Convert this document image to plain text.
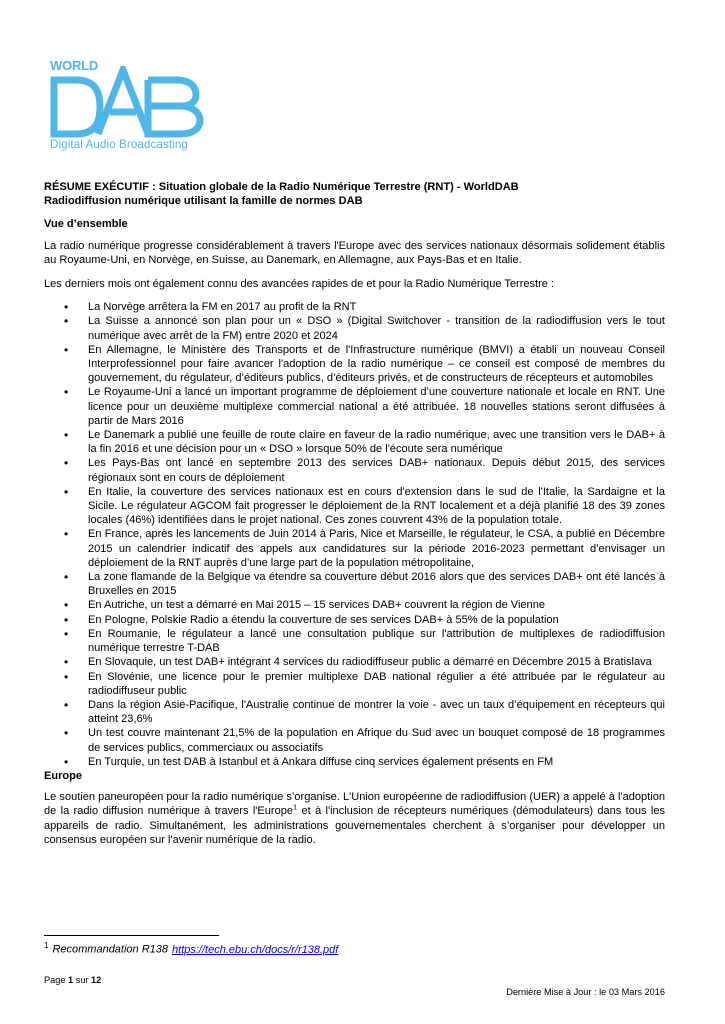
WORLD
Digital Audio Broadcasting

RÉSUME EXÉCUTIF : Situation globale de la Radio Numérique Terrestre (RNT) - WorldDAB

Radiodiffusion numérique utilisant la famille de normes DAB

Vue d’ensemble

La radio numérique progresse considérablement à travers l'Europe avec des services nationaux désormais solidement établis au Royaume-Uni, en Norvège, en Suisse, au Danemark, en Allemagne, aux Pays-Bas et en Italie.

Les derniers mois ont également connu des avancées rapides de et pour la Radio Numérique Terrestre :

• La Norvège arrêtera la FM en 2017 au profit de la RNT
• La Suisse a annoncé son plan pour un « DSO » (Digital Switchover - transition de la radiodiffusion vers le tout numérique avec arrêt de la FM) entre 2020 et 2024
• En Allemagne, le Ministère des Transports et de l'Infrastructure numérique (BMVI) a établi un nouveau Conseil Interprofessionnel pour faire avancer l'adoption de la radio numérique – ce conseil est composé de membres du gouvernement, du régulateur, d’éditeurs publics, d’éditeurs privés, et de constructeurs de récepteurs et automobiles
• Le Royaume-Uni a lancé un important programme de déploiement d’une couverture nationale et locale en RNT. Une licence pour un deuxième multiplexe commercial national a été attribuée. 18 nouvelles stations seront diffusées à partir de Mars 2016
• Le Danemark a publié une feuille de route claire en faveur de la radio numérique, avec une transition vers le DAB+ à la fin 2016 et une décision pour un « DSO » lorsque 50% de l'écoute sera numérique
• Les Pays-Bas ont lancé en septembre 2013 des services DAB+ nationaux. Depuis début 2015, des services régionaux sont en cours de déploiement
• En Italie, la couverture des services nationaux est en cours d'extension dans le sud de l'Italie, la Sardaigne et la Sicile. Le régulateur AGCOM fait progresser le déploiement de la RNT localement et a déjà planifié 18 des 39 zones locales (46%) identifiées dans le projet national. Ces zones couvrent 43% de la population totale.
• En France, après les lancements de Juin 2014 à Paris, Nice et Marseille, le régulateur, le CSA, a publié en Décembre 2015 un calendrier indicatif des appels aux candidatures sur la période 2016-2023 permettant d’envisager un déploiement de la RNT auprès d’une large part de la population métropolitaine,
• La zone flamande de la Belgique va étendre sa couverture début 2016 alors que des services DAB+ ont été lancés à Bruxelles en 2015
• En Autriche, un test a démarré en Mai 2015 – 15 services DAB+ couvrent la région de Vienne
• En Pologne, Polskie Radio a étendu la couverture de ses services DAB+ à 55% de la population
• En Roumanie, le régulateur a lancé une consultation publique sur l'attribution de multiplexes de radiodiffusion numérique terrestre T-DAB
• En Slovaquie, un test DAB+ intégrant 4 services du radiodiffuseur public a démarré en Décembre 2015 à Bratislava
• En Slovénie, une licence pour le premier multiplexe DAB national régulier a été attribuée par le régulateur au radiodiffuseur public
• Dans la région Asie-Pacifique, l'Australie continue de montrer la voie - avec un taux d’équipement en récepteurs qui atteint 23,6%
• Un test couvre maintenant 21,5% de la population en Afrique du Sud avec un bouquet composé de 18 programmes de services publics, commerciaux ou associatifs
• En Turquie, un test DAB à Istanbul et à Ankara diffuse cinq services également présents en FM

Europe

Le soutien paneuropéen pour la radio numérique s’organise. L'Union européenne de radiodiffusion (UER) a appelé à l'adoption de la radio diffusion numérique à travers l'Europe$^1$ et à l'inclusion de récepteurs numériques (démodulateurs) dans tous les appareils de radio. Simultanément, les administrations gouvernementales cherchent à s’organiser pour développer un consensus européen sur l'avenir numérique de la radio.

$^1$ Recommandation R138 https://tech.ebu.ch/docs/r/r138.pdf
Page 1 sur 12
Dernière Mise à Jour : le 03 Mars 2016
